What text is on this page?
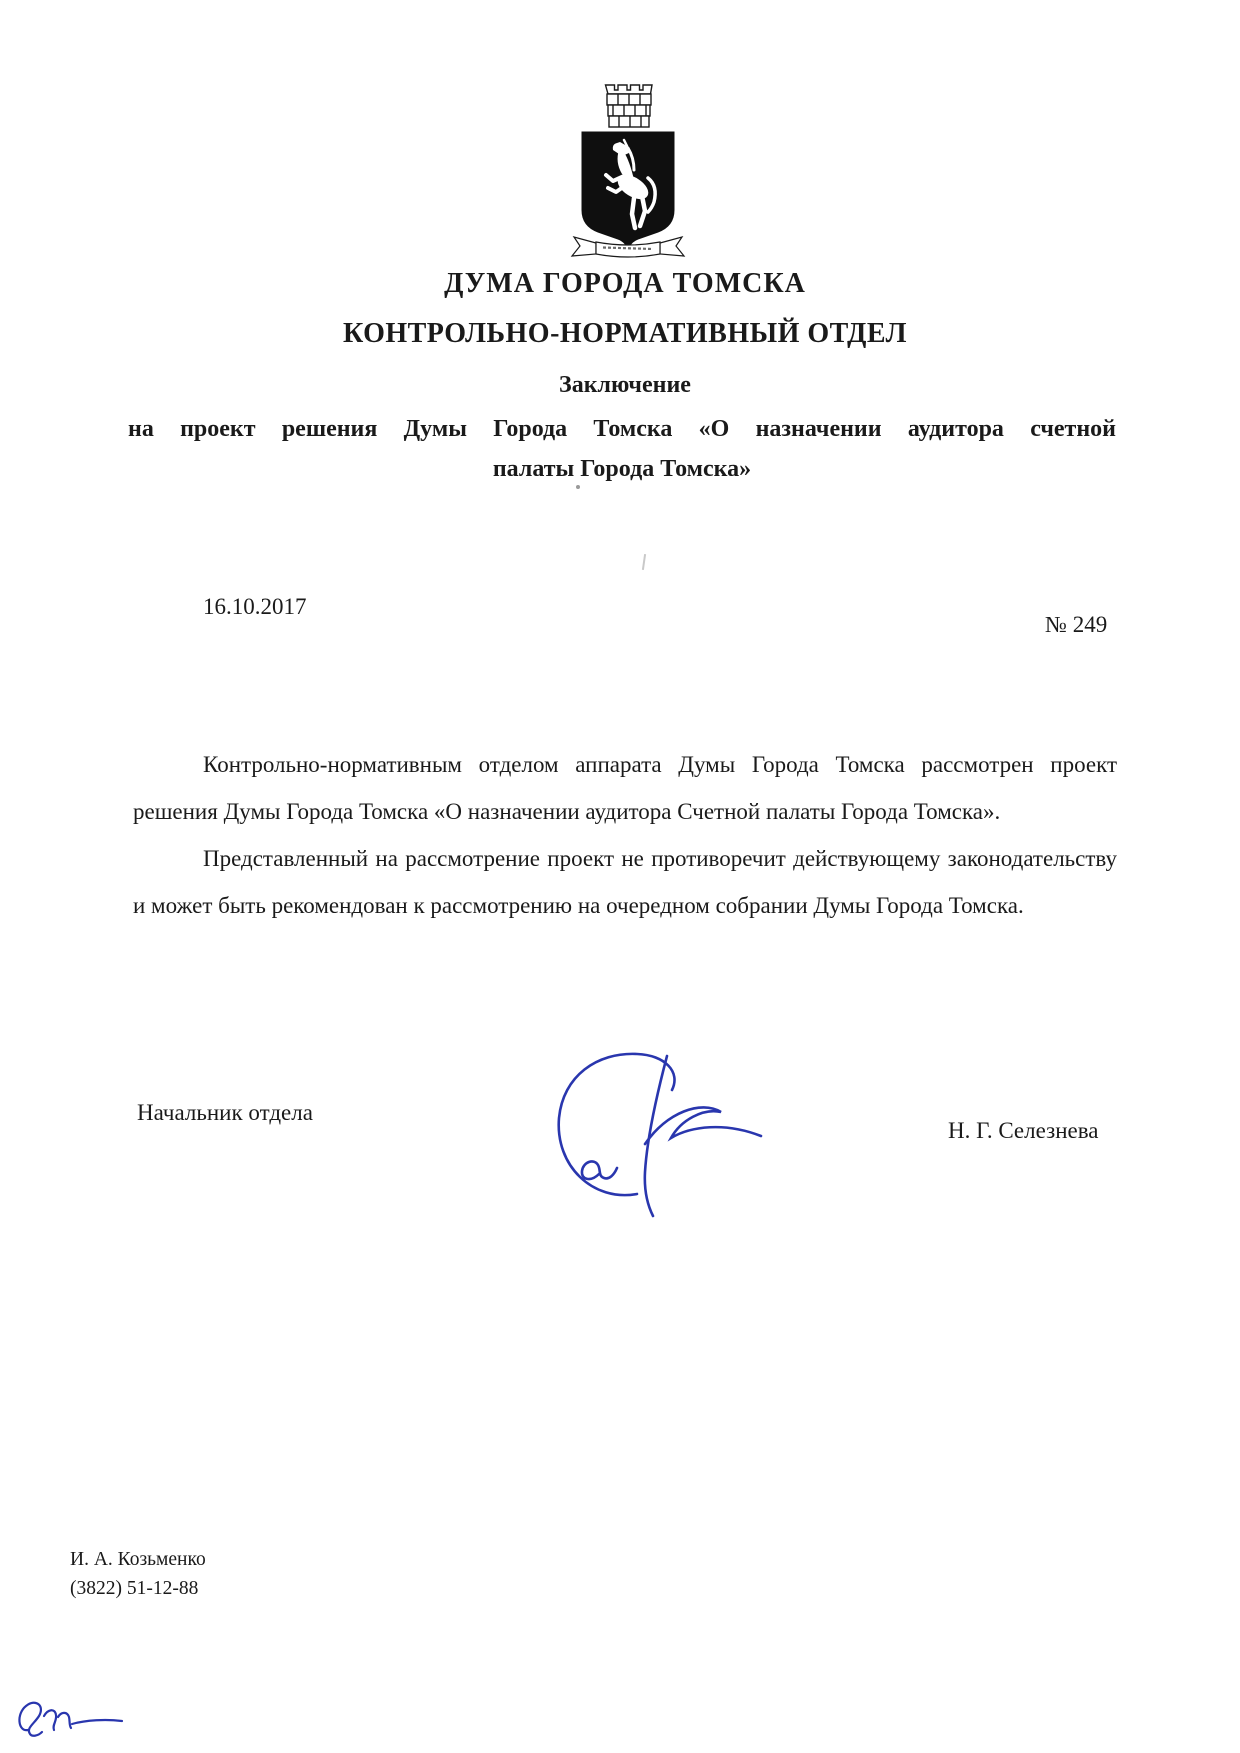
ДУМА ГОРОДА ТОМСКА
КОНТРОЛЬНО-НОРМАТИВНЫЙ ОТДЕЛ
Заключение
на проект решения Думы Города Томска «О назначении аудитора счетной
палаты Города Томска»
16.10.2017
№ 249

Контрольно-нормативным отделом аппарата Думы Города Томска рассмотрен проект решения Думы Города Томска «О назначении аудитора Счетной палаты Города Томска».

Представленный на рассмотрение проект не противоречит действующему законодательству и может быть рекомендован к рассмотрению на очередном собрании Думы Города Томска.

Начальник отдела
Н. Г. Селезнева
И. А. Козьменко
(3822) 51-12-88
